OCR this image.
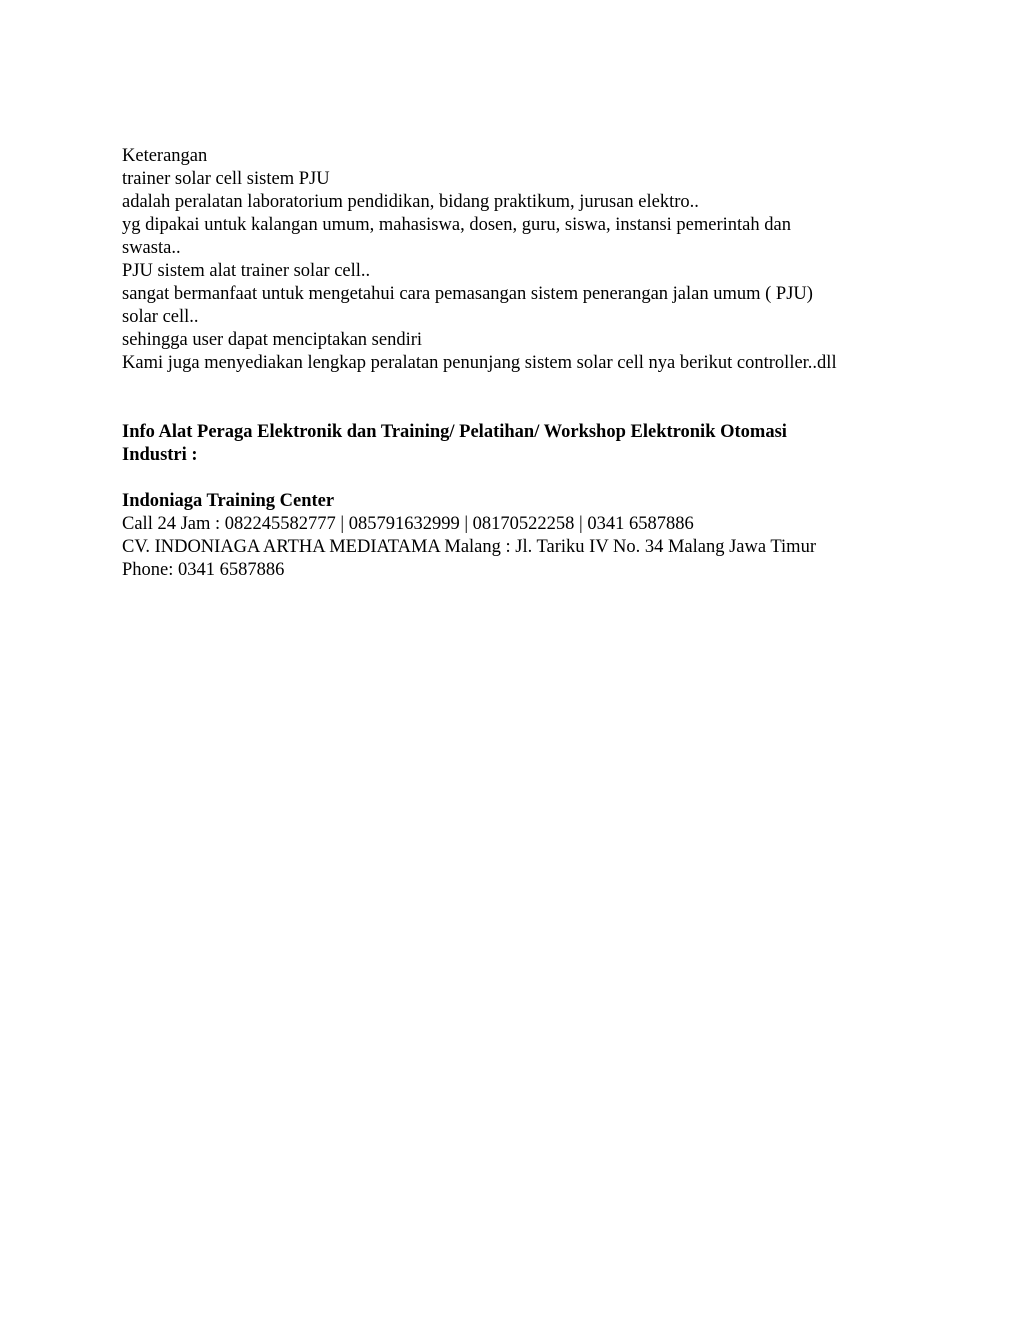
Keterangan
trainer solar cell sistem PJU
adalah peralatan laboratorium pendidikan, bidang praktikum, jurusan elektro..
yg dipakai untuk kalangan umum, mahasiswa, dosen, guru, siswa, instansi pemerintah dan
swasta..
PJU sistem alat trainer solar cell..
sangat bermanfaat untuk mengetahui cara pemasangan sistem penerangan jalan umum ( PJU)
solar cell..
sehingga user dapat menciptakan sendiri
Kami juga menyediakan lengkap peralatan penunjang sistem solar cell nya berikut controller..dll
Info Alat Peraga Elektronik dan Training/ Pelatihan/ Workshop Elektronik Otomasi
Industri :
Indoniaga Training Center
Call 24 Jam : 082245582777 | 085791632999 | 08170522258 | 0341 6587886
CV. INDONIAGA ARTHA MEDIATAMA Malang : Jl. Tariku IV No. 34 Malang Jawa Timur
Phone: 0341 6587886
